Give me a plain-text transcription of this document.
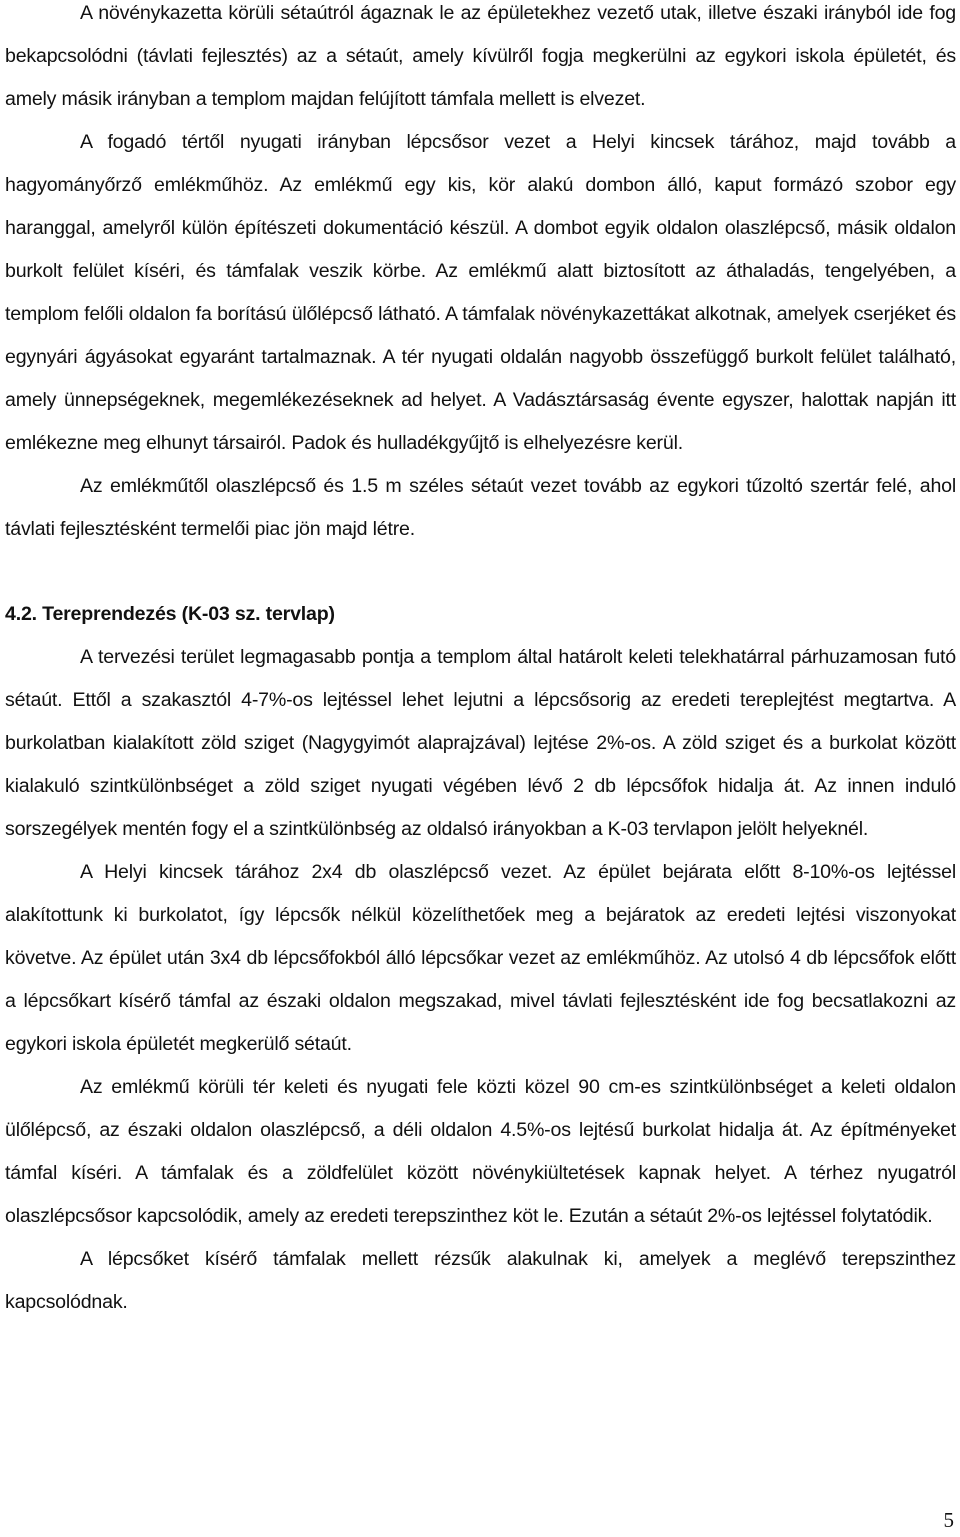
A növénykazetta körüli sétaútról ágaznak le az épületekhez vezető utak, illetve északi irányból ide fog bekapcsolódni (távlati fejlesztés) az a sétaút, amely kívülről fogja megkerülni az egykori iskola épületét, és amely másik irányban a templom majdan felújított támfala mellett is elvezet.

A fogadó tértől nyugati irányban lépcsősor vezet a Helyi kincsek tárához, majd tovább a hagyományőrző emlékműhöz. Az emlékmű egy kis, kör alakú dombon álló, kaput formázó szobor egy haranggal, amelyről külön építészeti dokumentáció készül. A dombot egyik oldalon olaszlépcső, másik oldalon burkolt felület kíséri, és támfalak veszik körbe. Az emlékmű alatt biztosított az áthaladás, tengelyében, a templom felőli oldalon fa borítású ülőlépcső látható. A támfalak növénykazettákat alkotnak, amelyek cserjéket és egynyári ágyásokat egyaránt tartalmaznak. A tér nyugati oldalán nagyobb összefüggő burkolt felület található, amely ünnepségeknek, megemlékezéseknek ad helyet. A Vadásztársaság évente egyszer, halottak napján itt emlékezne meg elhunyt társairól. Padok és hulladékgyűjtő is elhelyezésre kerül.

Az emlékműtől olaszlépcső és 1.5 m széles sétaút vezet tovább az egykori tűzoltó szertár felé, ahol távlati fejlesztésként termelői piac jön majd létre.

4.2. Tereprendezés (K-03 sz. tervlap)

A tervezési terület legmagasabb pontja a templom által határolt keleti telekhatárral párhuzamosan futó sétaút. Ettől a szakasztól 4-7%-os lejtéssel lehet lejutni a lépcsősorig az eredeti tereplejtést megtartva. A burkolatban kialakított zöld sziget (Nagygyimót alaprajzával) lejtése 2%-os. A zöld sziget és a burkolat között kialakuló szintkülönbséget a zöld sziget nyugati végében lévő 2 db lépcsőfok hidalja át. Az innen induló sorszegélyek mentén fogy el a szintkülönbség az oldalsó irányokban a K-03 tervlapon jelölt helyeknél.

A Helyi kincsek tárához 2x4 db olaszlépcső vezet. Az épület bejárata előtt 8-10%-os lejtéssel alakítottunk ki burkolatot, így lépcsők nélkül közelíthetőek meg a bejáratok az eredeti lejtési viszonyokat követve. Az épület után 3x4 db lépcsőfokból álló lépcsőkar vezet az emlékműhöz. Az utolsó 4 db lépcsőfok előtt a lépcsőkart kísérő támfal az északi oldalon megszakad, mivel távlati fejlesztésként ide fog becsatlakozni az egykori iskola épületét megkerülő sétaút.

Az emlékmű körüli tér keleti és nyugati fele közti közel 90 cm-es szintkülönbséget a keleti oldalon ülőlépcső, az északi oldalon olaszlépcső, a déli oldalon 4.5%-os lejtésű burkolat hidalja át. Az építményeket támfal kíséri. A támfalak és a zöldfelület között növénykiültetések kapnak helyet. A térhez nyugatról olaszlépcsősor kapcsolódik, amely az eredeti terepszinthez köt le. Ezután a sétaút 2%-os lejtéssel folytatódik.

A lépcsőket kísérő támfalak mellett rézsűk alakulnak ki, amelyek a meglévő terepszinthez kapcsolódnak.

5
